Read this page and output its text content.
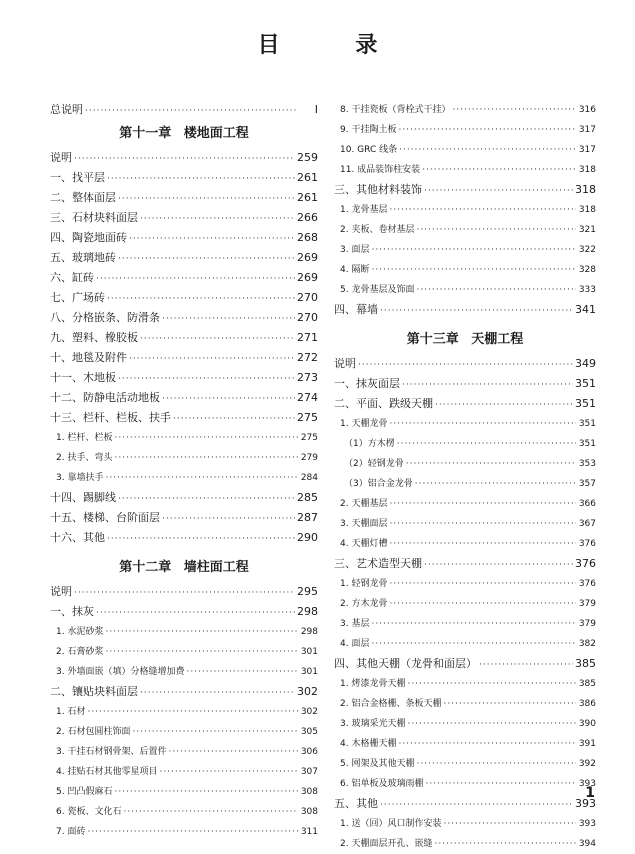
目 录
总说明 ·····	I
第十一章 楼地面工程
说明 ·····	259
一、找平层 ·····	261
二、整体面层 ·····	261
三、石材块料面层 ·····	266
四、陶瓷地面砖 ·····	268
五、玻璃地砖 ·····	269
六、缸砖 ·····	269
七、广场砖 ·····	270
八、分格嵌条、防滑条 ·····	270
九、塑料、橡胶板 ·····	271
十、地毯及附件 ·····	272
十一、木地板 ·····	273
十二、防静电活动地板 ·····	274
十三、栏杆、栏板、扶手 ·····	275
1. 栏杆、栏板 ·····	275
2. 扶手、弯头 ·····	279
3. 靠墙扶手 ·····	284
十四、踢脚线 ·····	285
十五、楼梯、台阶面层 ·····	287
十六、其他 ·····	290
第十二章 墙柱面工程
说明 ·····	295
一、抹灰 ·····	298
1. 水泥砂浆 ·····	298
2. 石膏砂浆 ·····	301
3. 外墙面嵌（填）分格缝增加费 ·····	301
二、镶贴块料面层 ·····	302
1. 石材 ·····	302
2. 石材包圆柱饰面 ·····	305
3. 干挂石材钢骨架、后置件 ·····	306
4. 挂贴石材其他零星项目 ·····	307
5. 凹凸假麻石 ·····	308
6. 瓷板、文化石 ·····	308
7. 面砖 ·····	311
8. 干挂瓷板（背栓式干挂） ·····	316
9. 干挂陶土板 ·····	317
10. GRC 线条 ·····	317
11. 成品装饰柱安装 ·····	318
三、其他材料装饰 ·····	318
1. 龙骨基层 ·····	318
2. 夹板、卷材基层 ·····	321
3. 面层 ·····	322
4. 隔断 ·····	328
5. 龙骨基层及饰面 ·····	333
四、幕墙 ·····	341
第十三章 天棚工程
说明 ·····	349
一、抹灰面层 ·····	351
二、平面、跌级天棚 ·····	351
1. 天棚龙骨 ·····	351
（1）方木楞 ·····	351
（2）轻钢龙骨 ·····	353
（3）铝合金龙骨 ·····	357
2. 天棚基层 ·····	366
3. 天棚面层 ·····	367
4. 天棚灯槽 ·····	376
三、艺术造型天棚 ·····	376
1. 轻钢龙骨 ·····	376
2. 方木龙骨 ·····	379
3. 基层 ·····	379
4. 面层 ·····	382
四、其他天棚（龙骨和面层） ·····	385
1. 烤漆龙骨天棚 ·····	385
2. 铝合金格栅、条板天棚 ·····	386
3. 玻璃采光天棚 ·····	390
4. 木格栅天棚 ·····	391
5. 网架及其他天棚 ·····	392
6. 铝单板及玻璃雨棚 ·····	393
五、其他 ·····	393
1. 送（回）风口制作安装 ·····	393
2. 天棚面层开孔、嵌缝 ·····	394
1
